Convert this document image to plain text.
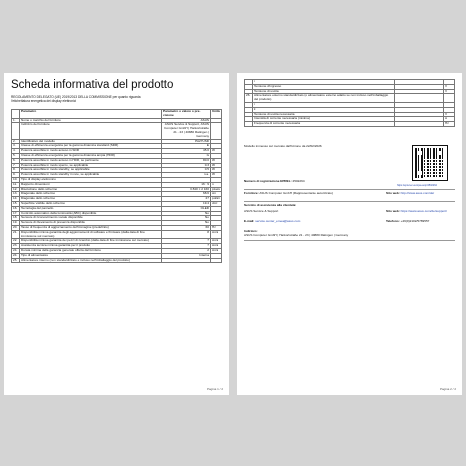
Scheda informativa del prodotto
REGOLAMENTO DELEGATO (UE) 2019/2013 DELLA COMMISSIONE per quanto riguarda
l'etichettatura energetica dei display elettronici
	Parametro	Parametro o valore o pre-cisione	Unità
1.	Nome o marchio del fornitore	ASUS	
	Indirizzo del fornitore	ASUS Service & Support, ASUS Computer GmbH | Harkortstraße 21 - 23 | 40880 Ratingen | Germany	
2.	Identificativo del modello	PA27USD	
3.	Classe di efficienza energetica per la gamma dinamica standard (SDR)	E	
4.	Potenza assorbita in modo acceso in SDR	45.0	W
5.	Classe di efficienza energetica per la gamma dinamica ampia (HDR)	G	
6.	Potenza assorbita in modo acceso in HDR, se pertinente	80.0	W
7.	Potenza assorbita in modo spento, se applicabile	0.3	W
8.	Potenza assorbita in modo standby, se applicabile	0.5	W
9.	Potenza assorbita in modo standby in rete, se applicabile	n.a.	W
10.	Tipo di display elettronico		
11.	Rapporto dimensioni	16 : 9	n
12.	Risoluzione dello schermo	3 840 × 2 160	pixels
13.	Diagonale dello schermo	68.6	cm
14.	Diagonale dello schermo	27	pollici
15.	Superficie visibile dello schermo	19.4	dm²
16.	Tecnologia del pannello	OLED	
17.	Controllo automatico della luminosità (ABC) disponibile	No	
18.	Sensore di riconoscimento vocale disponibile	No	
19.	Sensore di rilevamento di presenza disponibile	No	
20.	Tasso di frequenza di aggiornamento dell'immagine (predefinito)	60	Hz
21.	Disponibilità minima garantita degli aggiornamenti di software e firmware (dalla data di fine immissione sul mercato)	8	Anni
22.	Disponibilità minima garantita dei pezzi di ricambio (dalla data di fine immissione sul mercato)	7	Anni
23.	Assistenza tecnica minima garantita per il prodotto	7	Anni
24.	Durata minima della garanzia generale offerta dal fornitore	2	Anni
24.	Tipo di alimentatore	Interna	
25.	Alimentatore interno (non standardizzato e incluso nell'imballaggio del prodotto)		
Pagina 1 / 2
	i		
	Tensione d'ingresso		V
	Tensione di uscita		V
26.	Alimentatore esterno standardizzato (o alimentatore esterno adatto se non incluso nell'imballaggio del prodotto)		
	i		
	ii		
	Tensione di uscita necessaria		V
	Intensità di corrente necessaria (minima)		A
	Frequenza di corrente necessaria		Hz
Modello immesso sul mercato dall'Unione da 22/02/2026
Numero di registrazione EPREL: 2502264
https://eprel.ec.europa.eu/qr/2502264
Fornitore: ASUS Computer GmbH (Rappresentante autorizzato)	Sito web: http://www.asus.com/de/
Servizio di assistenza alla clientela:
ASUS Service & Support	Sito web: https://www.asus.com/de/support/
E-mail: service.center_emea@asus.com	Telefono: +49(0)2102/5789557
Indirizzo:
ASUS Computer GmbH | Harkortstraße 21 - 23 | 40880 Ratingen | Germany
Pagina 2 / 2
